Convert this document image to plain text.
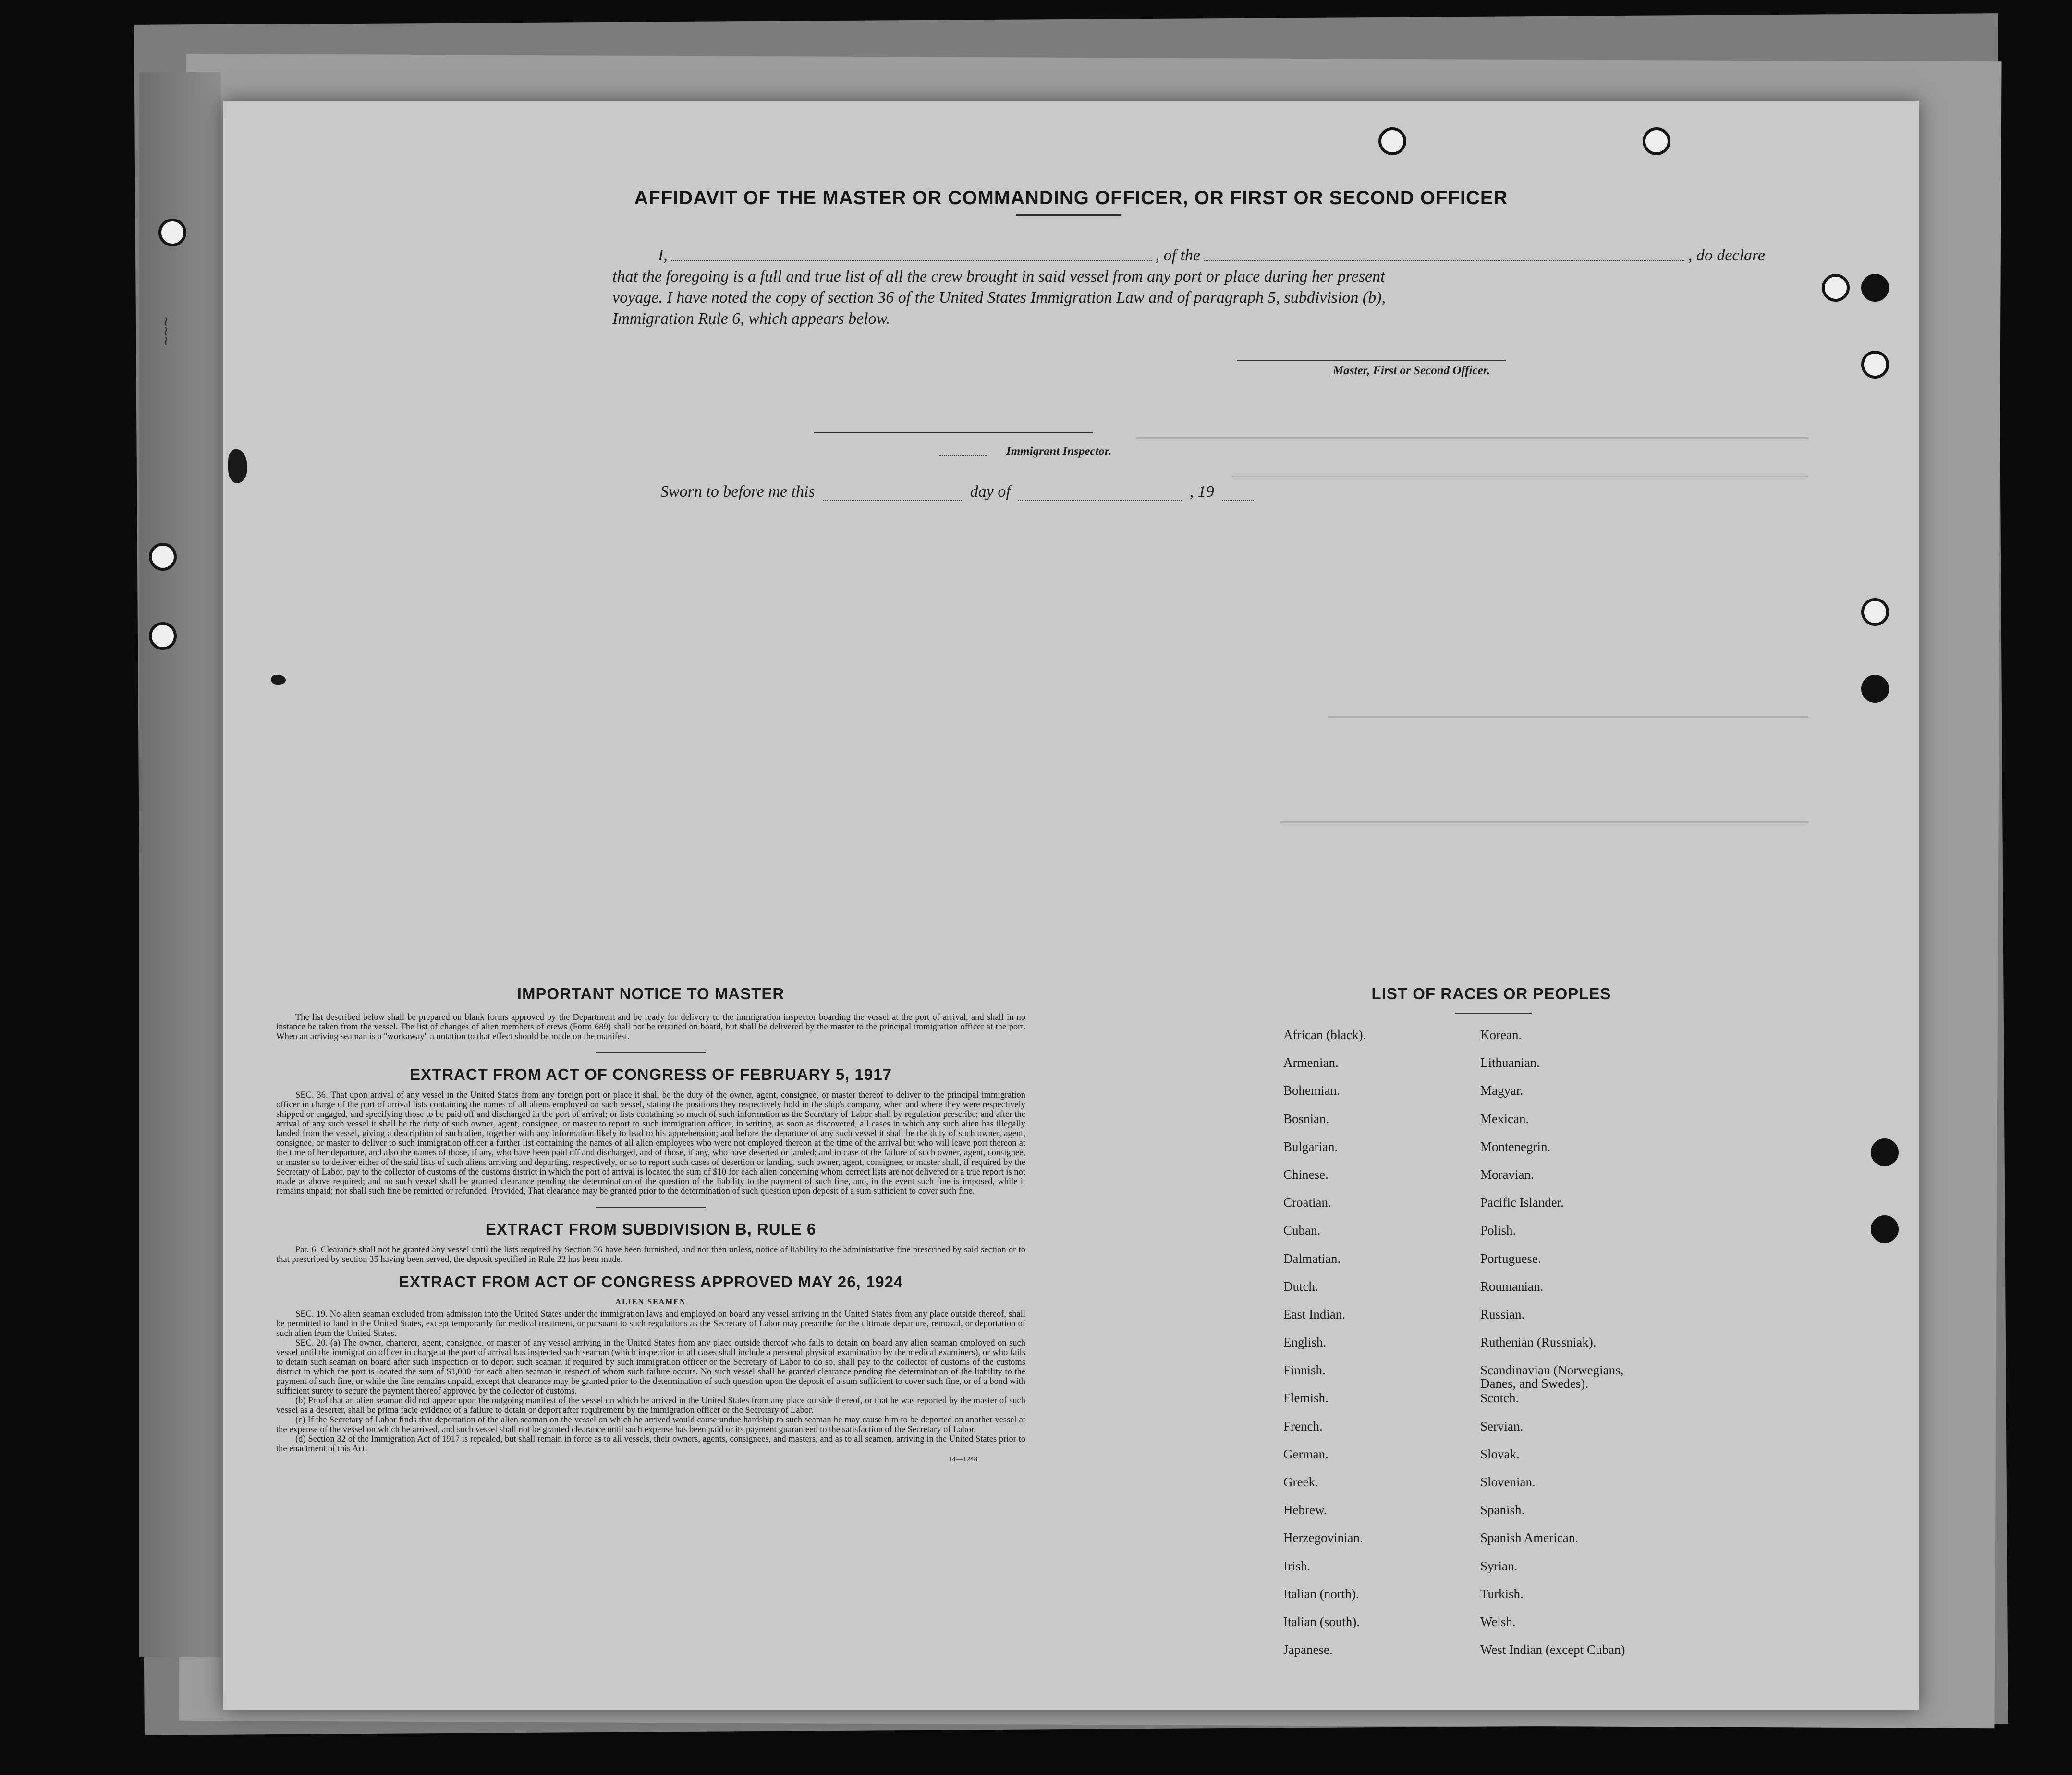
AFFIDAVIT OF THE MASTER OR COMMANDING OFFICER, OR FIRST OR SECOND OFFICER
I,	, of the	, do declare
that the foregoing is a full and true list of all the crew brought in said vessel from any port or place during her present
voyage. I have noted the copy of section 36 of the United States Immigration Law and of paragraph 5, subdivision (b),
Immigration Rule 6, which appears below.
Master, First or Second Officer.
Sworn to before me this	day of	, 19
Immigrant Inspector.
IMPORTANT NOTICE TO MASTER

The list described below shall be prepared on blank forms approved by the Department and be ready for delivery to the immigration inspector boarding the vessel at the port of arrival, and shall in no instance be taken from the vessel. The list of changes of alien members of crews (Form 689) shall not be retained on board, but shall be delivered by the master to the principal immigration officer at the port. When an arriving seaman is a "workaway" a notation to that effect should be made on the manifest.

EXTRACT FROM ACT OF CONGRESS OF FEBRUARY 5, 1917

SEC. 36. That upon arrival of any vessel in the United States from any foreign port or place it shall be the duty of the owner, agent, consignee, or master thereof to deliver to the principal immigration officer in charge of the port of arrival lists containing the names of all aliens employed on such vessel, stating the positions they respectively hold in the ship's company, when and where they were respectively shipped or engaged, and specifying those to be paid off and discharged in the port of arrival; or lists containing so much of such information as the Secretary of Labor shall by regulation prescribe; and after the arrival of any such vessel it shall be the duty of such owner, agent, consignee, or master to report to such immigration officer, in writing, as soon as discovered, all cases in which any such alien has illegally landed from the vessel, giving a description of such alien, together with any information likely to lead to his apprehension; and before the departure of any such vessel it shall be the duty of such owner, agent, consignee, or master to deliver to such immigration officer a further list containing the names of all alien employees who were not employed thereon at the time of the arrival but who will leave port thereon at the time of her departure, and also the names of those, if any, who have been paid off and discharged, and of those, if any, who have deserted or landed; and in case of the failure of such owner, agent, consignee, or master so to deliver either of the said lists of such aliens arriving and departing, respectively, or so to report such cases of desertion or landing, such owner, agent, consignee, or master shall, if required by the Secretary of Labor, pay to the collector of customs of the customs district in which the port of arrival is located the sum of $10 for each alien concerning whom correct lists are not delivered or a true report is not made as above required; and no such vessel shall be granted clearance pending the determination of the question of the liability to the payment of such fine, and, in the event such fine is imposed, while it remains unpaid; nor shall such fine be remitted or refunded: Provided, That clearance may be granted prior to the determination of such question upon deposit of a sum sufficient to cover such fine.

EXTRACT FROM SUBDIVISION B, RULE 6

Par. 6. Clearance shall not be granted any vessel until the lists required by Section 36 have been furnished, and not then unless, notice of liability to the administrative fine prescribed by said section or to that prescribed by section 35 having been served, the deposit specified in Rule 22 has been made.

EXTRACT FROM ACT OF CONGRESS APPROVED MAY 26, 1924
ALIEN SEAMEN

SEC. 19. No alien seaman excluded from admission into the United States under the immigration laws and employed on board any vessel arriving in the United States from any place outside thereof, shall be permitted to land in the United States, except temporarily for medical treatment, or pursuant to such regulations as the Secretary of Labor may prescribe for the ultimate departure, removal, or deportation of such alien from the United States.

SEC. 20. (a) The owner, charterer, agent, consignee, or master of any vessel arriving in the United States from any place outside thereof who fails to detain on board any alien seaman employed on such vessel until the immigration officer in charge at the port of arrival has inspected such seaman (which inspection in all cases shall include a personal physical examination by the medical examiners), or who fails to detain such seaman on board after such inspection or to deport such seaman if required by such immigration officer or the Secretary of Labor to do so, shall pay to the collector of customs of the customs district in which the port is located the sum of $1,000 for each alien seaman in respect of whom such failure occurs. No such vessel shall be granted clearance pending the determination of the liability to the payment of such fine, or while the fine remains unpaid, except that clearance may be granted prior to the determination of such question upon the deposit of a sum sufficient to cover such fine, or of a bond with sufficient surety to secure the payment thereof approved by the collector of customs.

(b) Proof that an alien seaman did not appear upon the outgoing manifest of the vessel on which he arrived in the United States from any place outside thereof, or that he was reported by the master of such vessel as a deserter, shall be prima facie evidence of a failure to detain or deport after requirement by the immigration officer or the Secretary of Labor.

(c) If the Secretary of Labor finds that deportation of the alien seaman on the vessel on which he arrived would cause undue hardship to such seaman he may cause him to be deported on another vessel at the expense of the vessel on which he arrived, and such vessel shall not be granted clearance until such expense has been paid or its payment guaranteed to the satisfaction of the Secretary of Labor.

(d) Section 32 of the Immigration Act of 1917 is repealed, but shall remain in force as to all vessels, their owners, agents, consignees, and masters, and as to all seamen, arriving in the United States prior to the enactment of this Act.

14—1248
LIST OF RACES OR PEOPLES
African (black).
Armenian.
Bohemian.
Bosnian.
Bulgarian.
Chinese.
Croatian.
Cuban.
Dalmatian.
Dutch.
East Indian.
English.
Finnish.
Flemish.
French.
German.
Greek.
Hebrew.
Herzegovinian.
Irish.
Italian (north).
Italian (south).
Japanese.
Korean.
Lithuanian.
Magyar.
Mexican.
Montenegrin.
Moravian.
Pacific Islander.
Polish.
Portuguese.
Roumanian.
Russian.
Ruthenian (Russniak).
Scandinavian (Norwegians,
Danes, and Swedes).
Scotch.
Servian.
Slovak.
Slovenian.
Spanish.
Spanish American.
Syrian.
Turkish.
Welsh.
West Indian (except Cuban)
~~~
